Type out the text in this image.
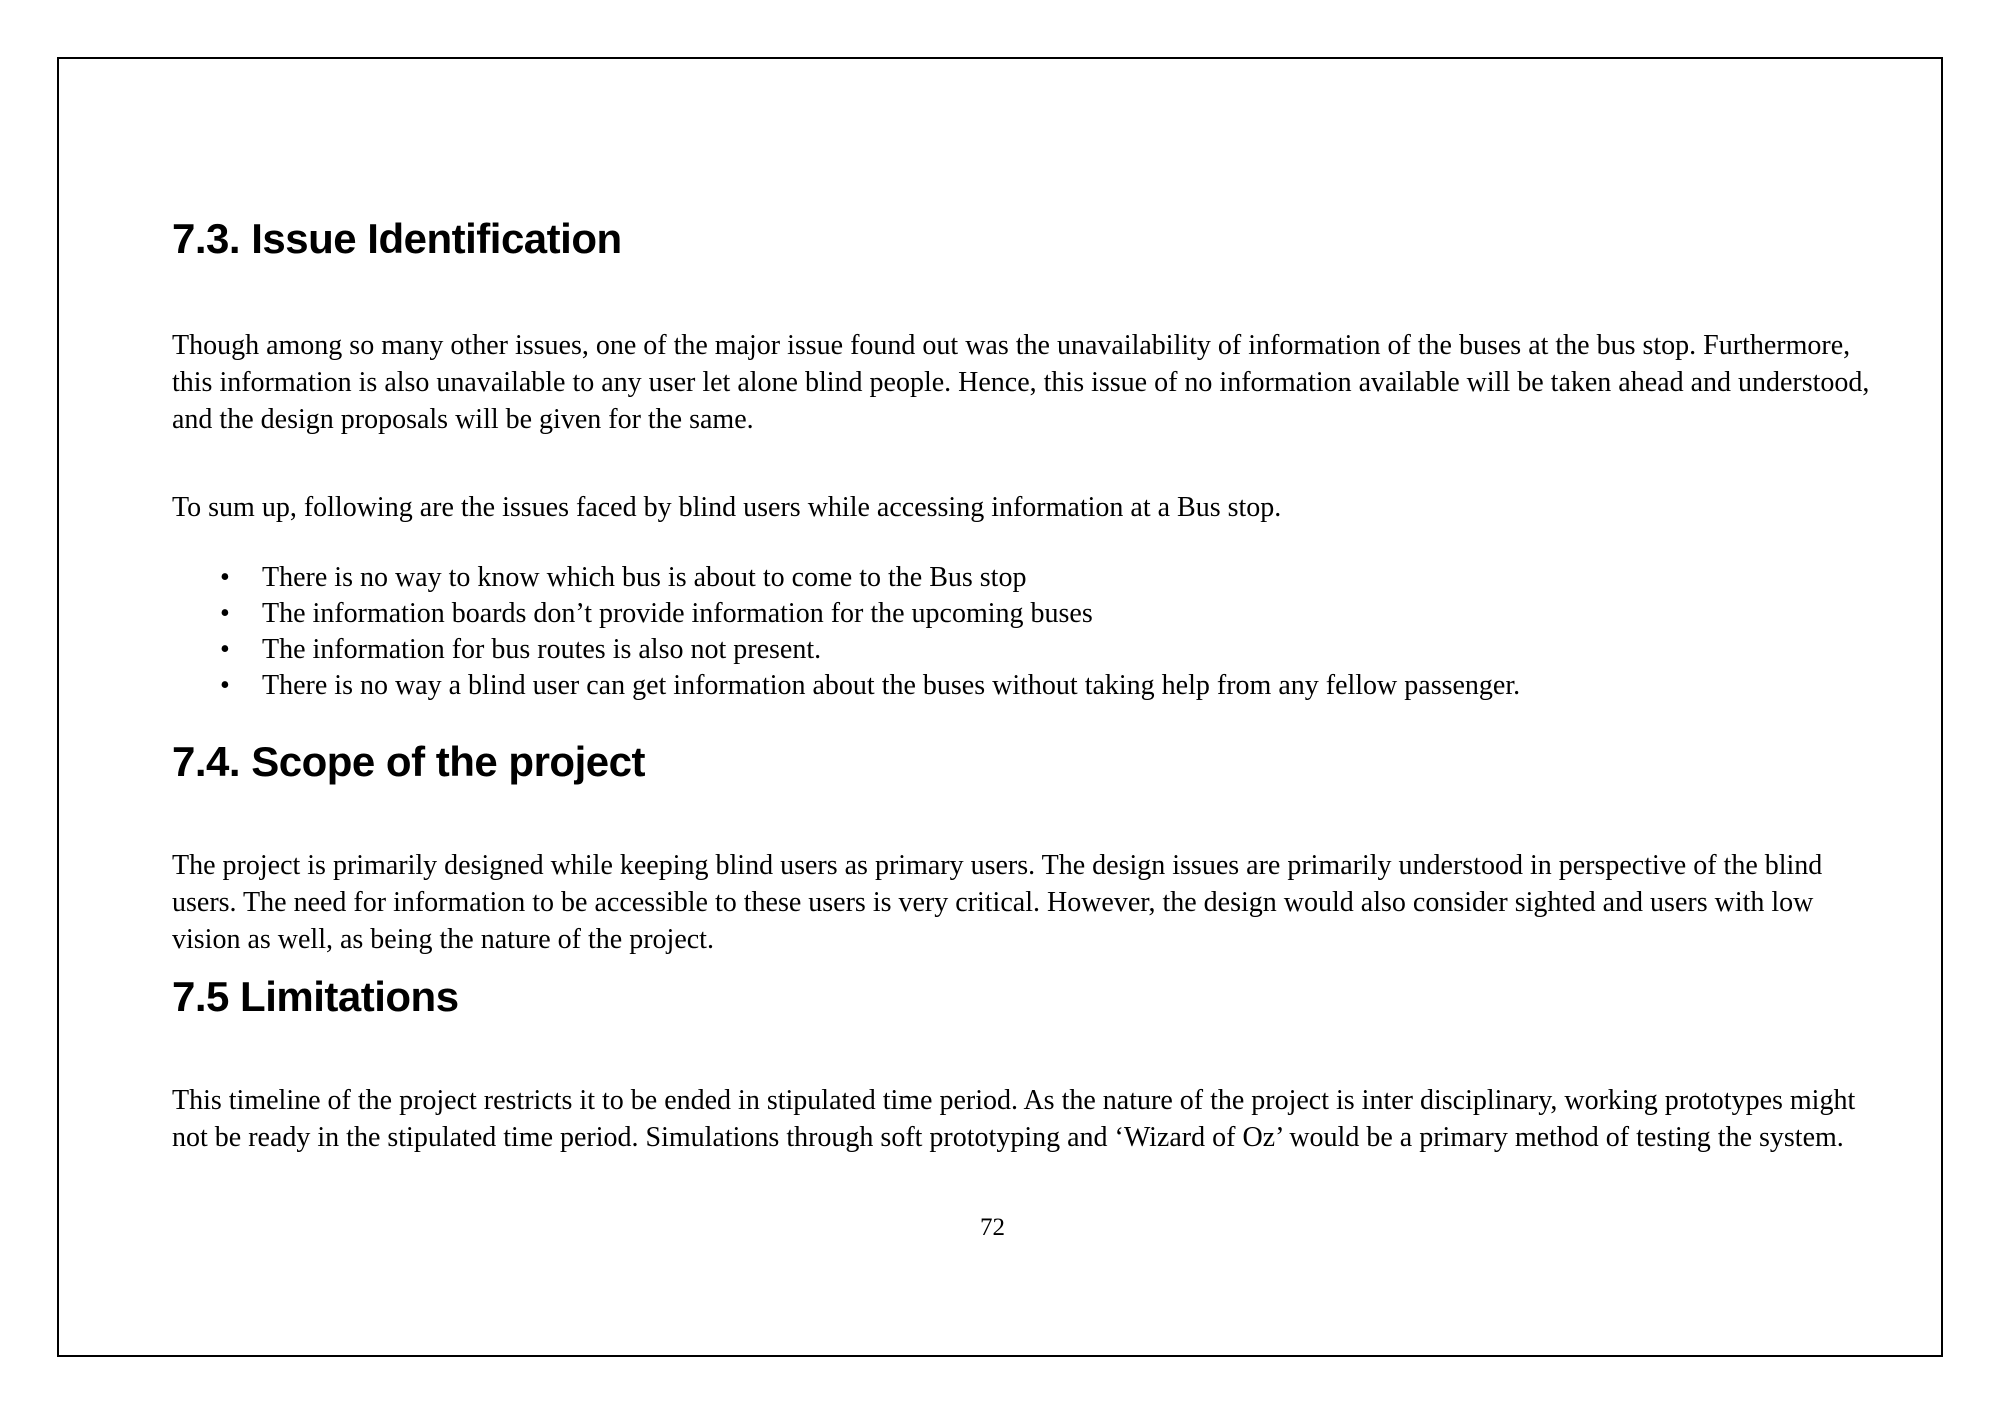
7.3. Issue Identification

Though among so many other issues, one of the major issue found out was the unavailability of information of the buses at the bus stop. Furthermore, this information is also unavailable to any user let alone blind people. Hence, this issue of no information available will be taken ahead and understood, and the design proposals will be given for the same.

To sum up, following are the issues faced by blind users while accessing information at a Bus stop.

• There is no way to know which bus is about to come to the Bus stop
• The information boards don’t provide information for the upcoming buses
• The information for bus routes is also not present.
• There is no way a blind user can get information about the buses without taking help from any fellow passenger.
7.4. Scope of the project

The project is primarily designed while keeping blind users as primary users. The design issues are primarily understood in perspective of the blind users. The need for information to be accessible to these users is very critical. However, the design would also consider sighted and users with low vision as well, as being the nature of the project.

7.5 Limitations

This timeline of the project restricts it to be ended in stipulated time period. As the nature of the project is inter disciplinary, working prototypes might not be ready in the stipulated time period. Simulations through soft prototyping and ‘Wizard of Oz’ would be a primary method of testing the system.

72
